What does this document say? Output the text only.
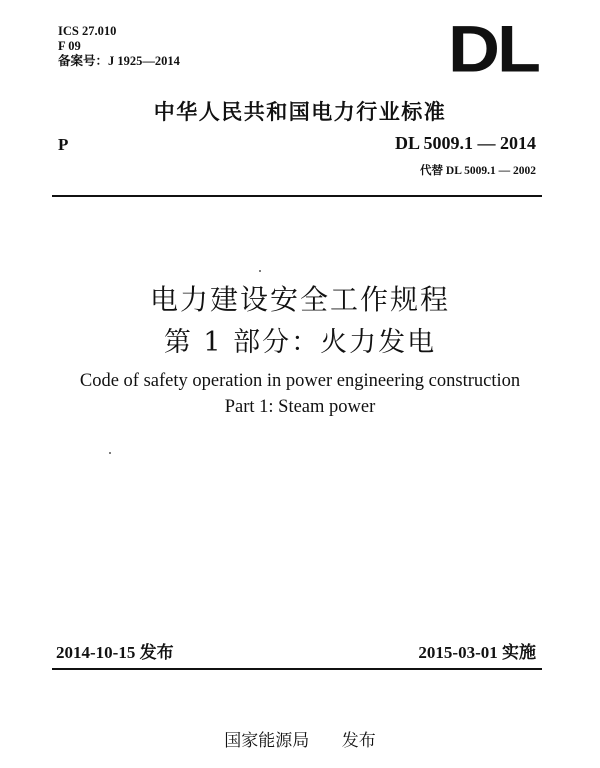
ICS 27.010
F 09
备案号：J 1925—2014	DL
中华人民共和国电力行业标准
P	DL 5009.1 — 2014
代替 DL 5009.1 — 2002
电力建设安全工作规程
第 1 部分：火力发电
Code of safety operation in power engineering construction
Part 1: Steam power
2014-10-15 发布	2015-03-01 实施
国家能源局      发布
